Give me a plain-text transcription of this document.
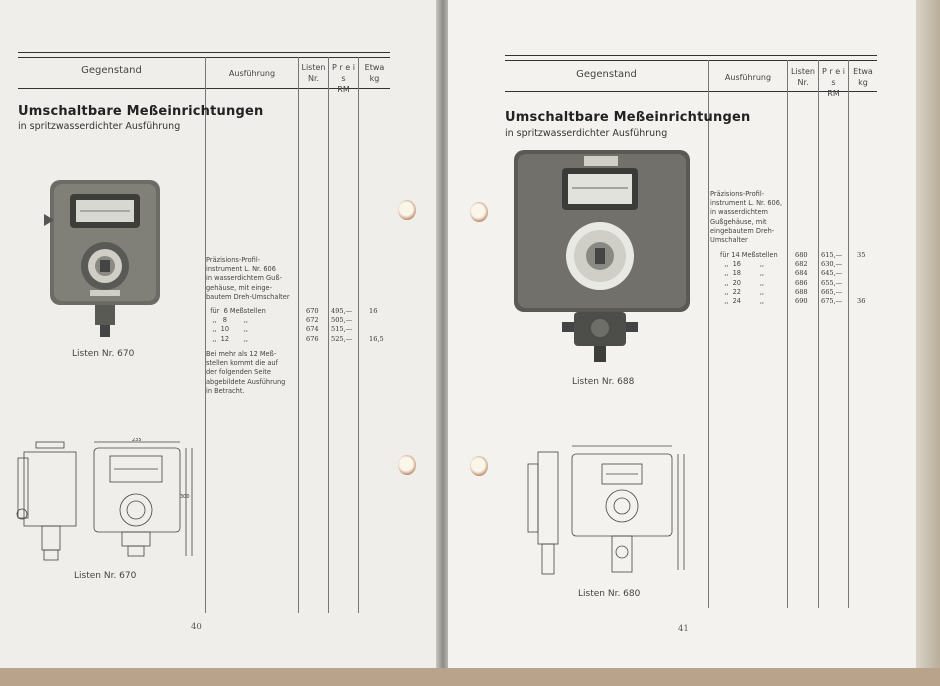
Gegenstand	Ausführung
Listen
Nr.
P r e i s
RM
Etwa
kg
Umschaltbare Meßeinrichtungen
in spritzwasserdichter Ausführung
Listen Nr. 670
235
300
Listen Nr. 670
Präzisions-Profil-
instrument L. Nr. 606
in wasserdichtem Guß-
gehäuse, mit einge-
bautem Dreh-Umschalter
für  6 Meßstellen
,,   8        ,,
,,  10       ,,
,,  12       ,,
670
672
674
676
495,—
505,—
515,—
525,—
16

16,5
Bei mehr als 12 Meß-
stellen kommt die auf
der folgenden Seite
abgebildete Ausführung
in Betracht.
40
Gegenstand	Ausführung
Listen
Nr.
P r e i s
RM
Etwa
kg
Umschaltbare Meßeinrichtungen
in spritzwasserdichter Ausführung
Listen Nr. 688
Listen Nr. 680
Präzisions-Profil-
instrument L. Nr. 606,
in wasserdichtem
Gußgehäuse, mit
eingebautem Dreh-
Umschalter
für 14 Meßstellen
,,  16         ,,
,,  18         ,,
,,  20         ,,
,,  22         ,,
,,  24         ,,
680
682
684
686
688
690
615,—
630,—
645,—
655,—
665,—
675,—
35

36
41
